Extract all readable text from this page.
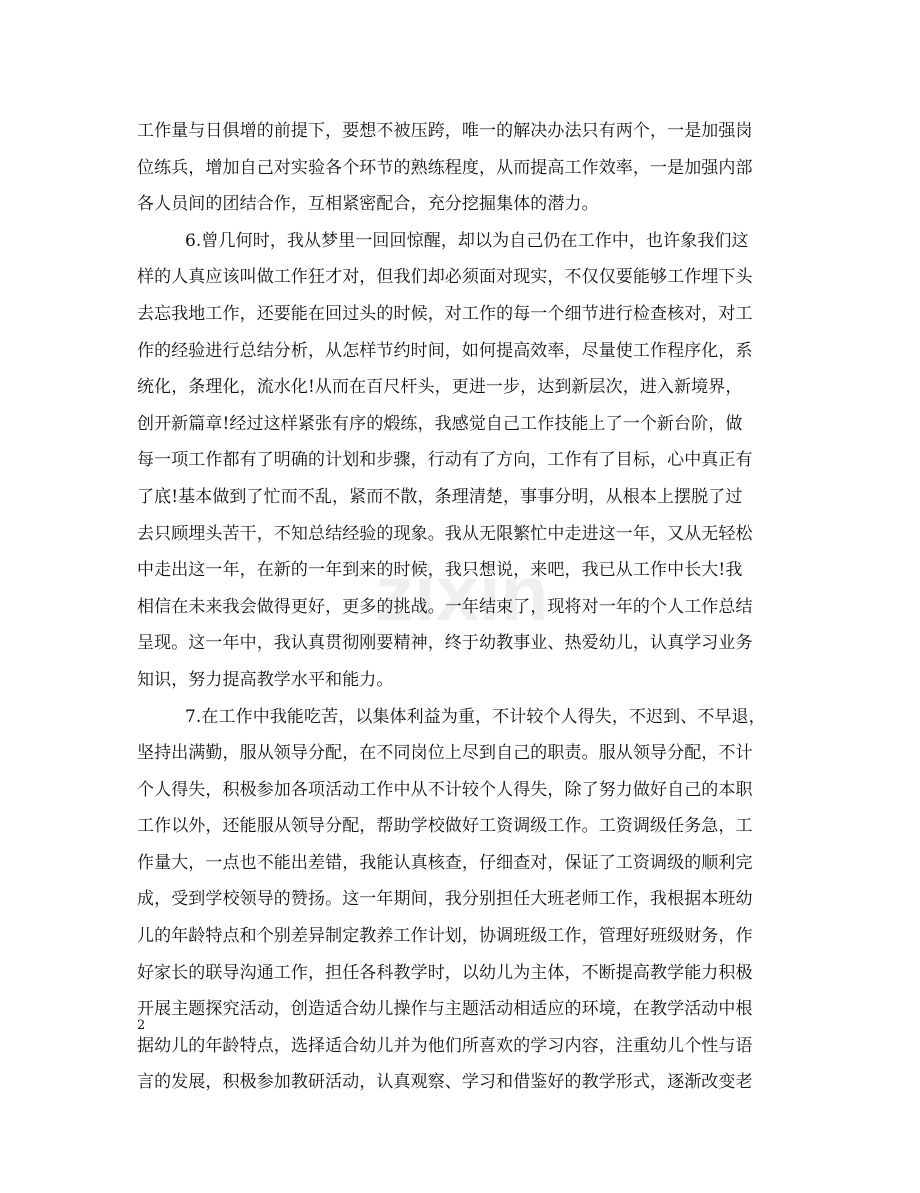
zixin
工作量与日俱增的前提下，要想不被压跨，唯一的解决办法只有两个，一是加强岗
位练兵，增加自己对实验各个环节的熟练程度，从而提高工作效率，一是加强内部
各人员间的团结合作，互相紧密配合，充分挖掘集体的潜力。
6.曾几何时，我从梦里一回回惊醒，却以为自己仍在工作中，也许象我们这
样的人真应该叫做工作狂才对，但我们却必须面对现实，不仅仅要能够工作埋下头
去忘我地工作，还要能在回过头的时候，对工作的每一个细节进行检查核对，对工
作的经验进行总结分析，从怎样节约时间，如何提高效率，尽量使工作程序化，系
统化，条理化，流水化!从而在百尺杆头，更进一步，达到新层次，进入新境界，
创开新篇章!经过这样紧张有序的煅练，我感觉自己工作技能上了一个新台阶，做
每一项工作都有了明确的计划和步骤，行动有了方向，工作有了目标，心中真正有
了底!基本做到了忙而不乱，紧而不散，条理清楚，事事分明，从根本上摆脱了过
去只顾埋头苦干，不知总结经验的现象。我从无限繁忙中走进这一年，又从无轻松
中走出这一年，在新的一年到来的时候，我只想说，来吧，我已从工作中长大!我
相信在未来我会做得更好，更多的挑战。一年结束了，现将对一年的个人工作总结
呈现。这一年中，我认真贯彻刚要精神，终于幼教事业、热爱幼儿，认真学习业务
知识，努力提高教学水平和能力。
7.在工作中我能吃苦，以集体利益为重，不计较个人得失，不迟到、不早退，
坚持出满勤，服从领导分配，在不同岗位上尽到自己的职责。服从领导分配，不计
个人得失，积极参加各项活动工作中从不计较个人得失，除了努力做好自己的本职
工作以外，还能服从领导分配，帮助学校做好工资调级工作。工资调级任务急，工
作量大，一点也不能出差错，我能认真核查，仔细查对，保证了工资调级的顺利完
成，受到学校领导的赞扬。这一年期间，我分别担任大班老师工作，我根据本班幼
儿的年龄特点和个别差异制定教养工作计划，协调班级工作，管理好班级财务，作
好家长的联导沟通工作，担任各科教学时，以幼儿为主体，不断提高教学能力积极
开展主题探究活动，创造适合幼儿操作与主题活动相适应的环境，在教学活动中根
据幼儿的年龄特点，选择适合幼儿并为他们所喜欢的学习内容，注重幼儿个性与语
言的发展，积极参加教研活动，认真观察、学习和借鉴好的教学形式，逐渐改变老
2
